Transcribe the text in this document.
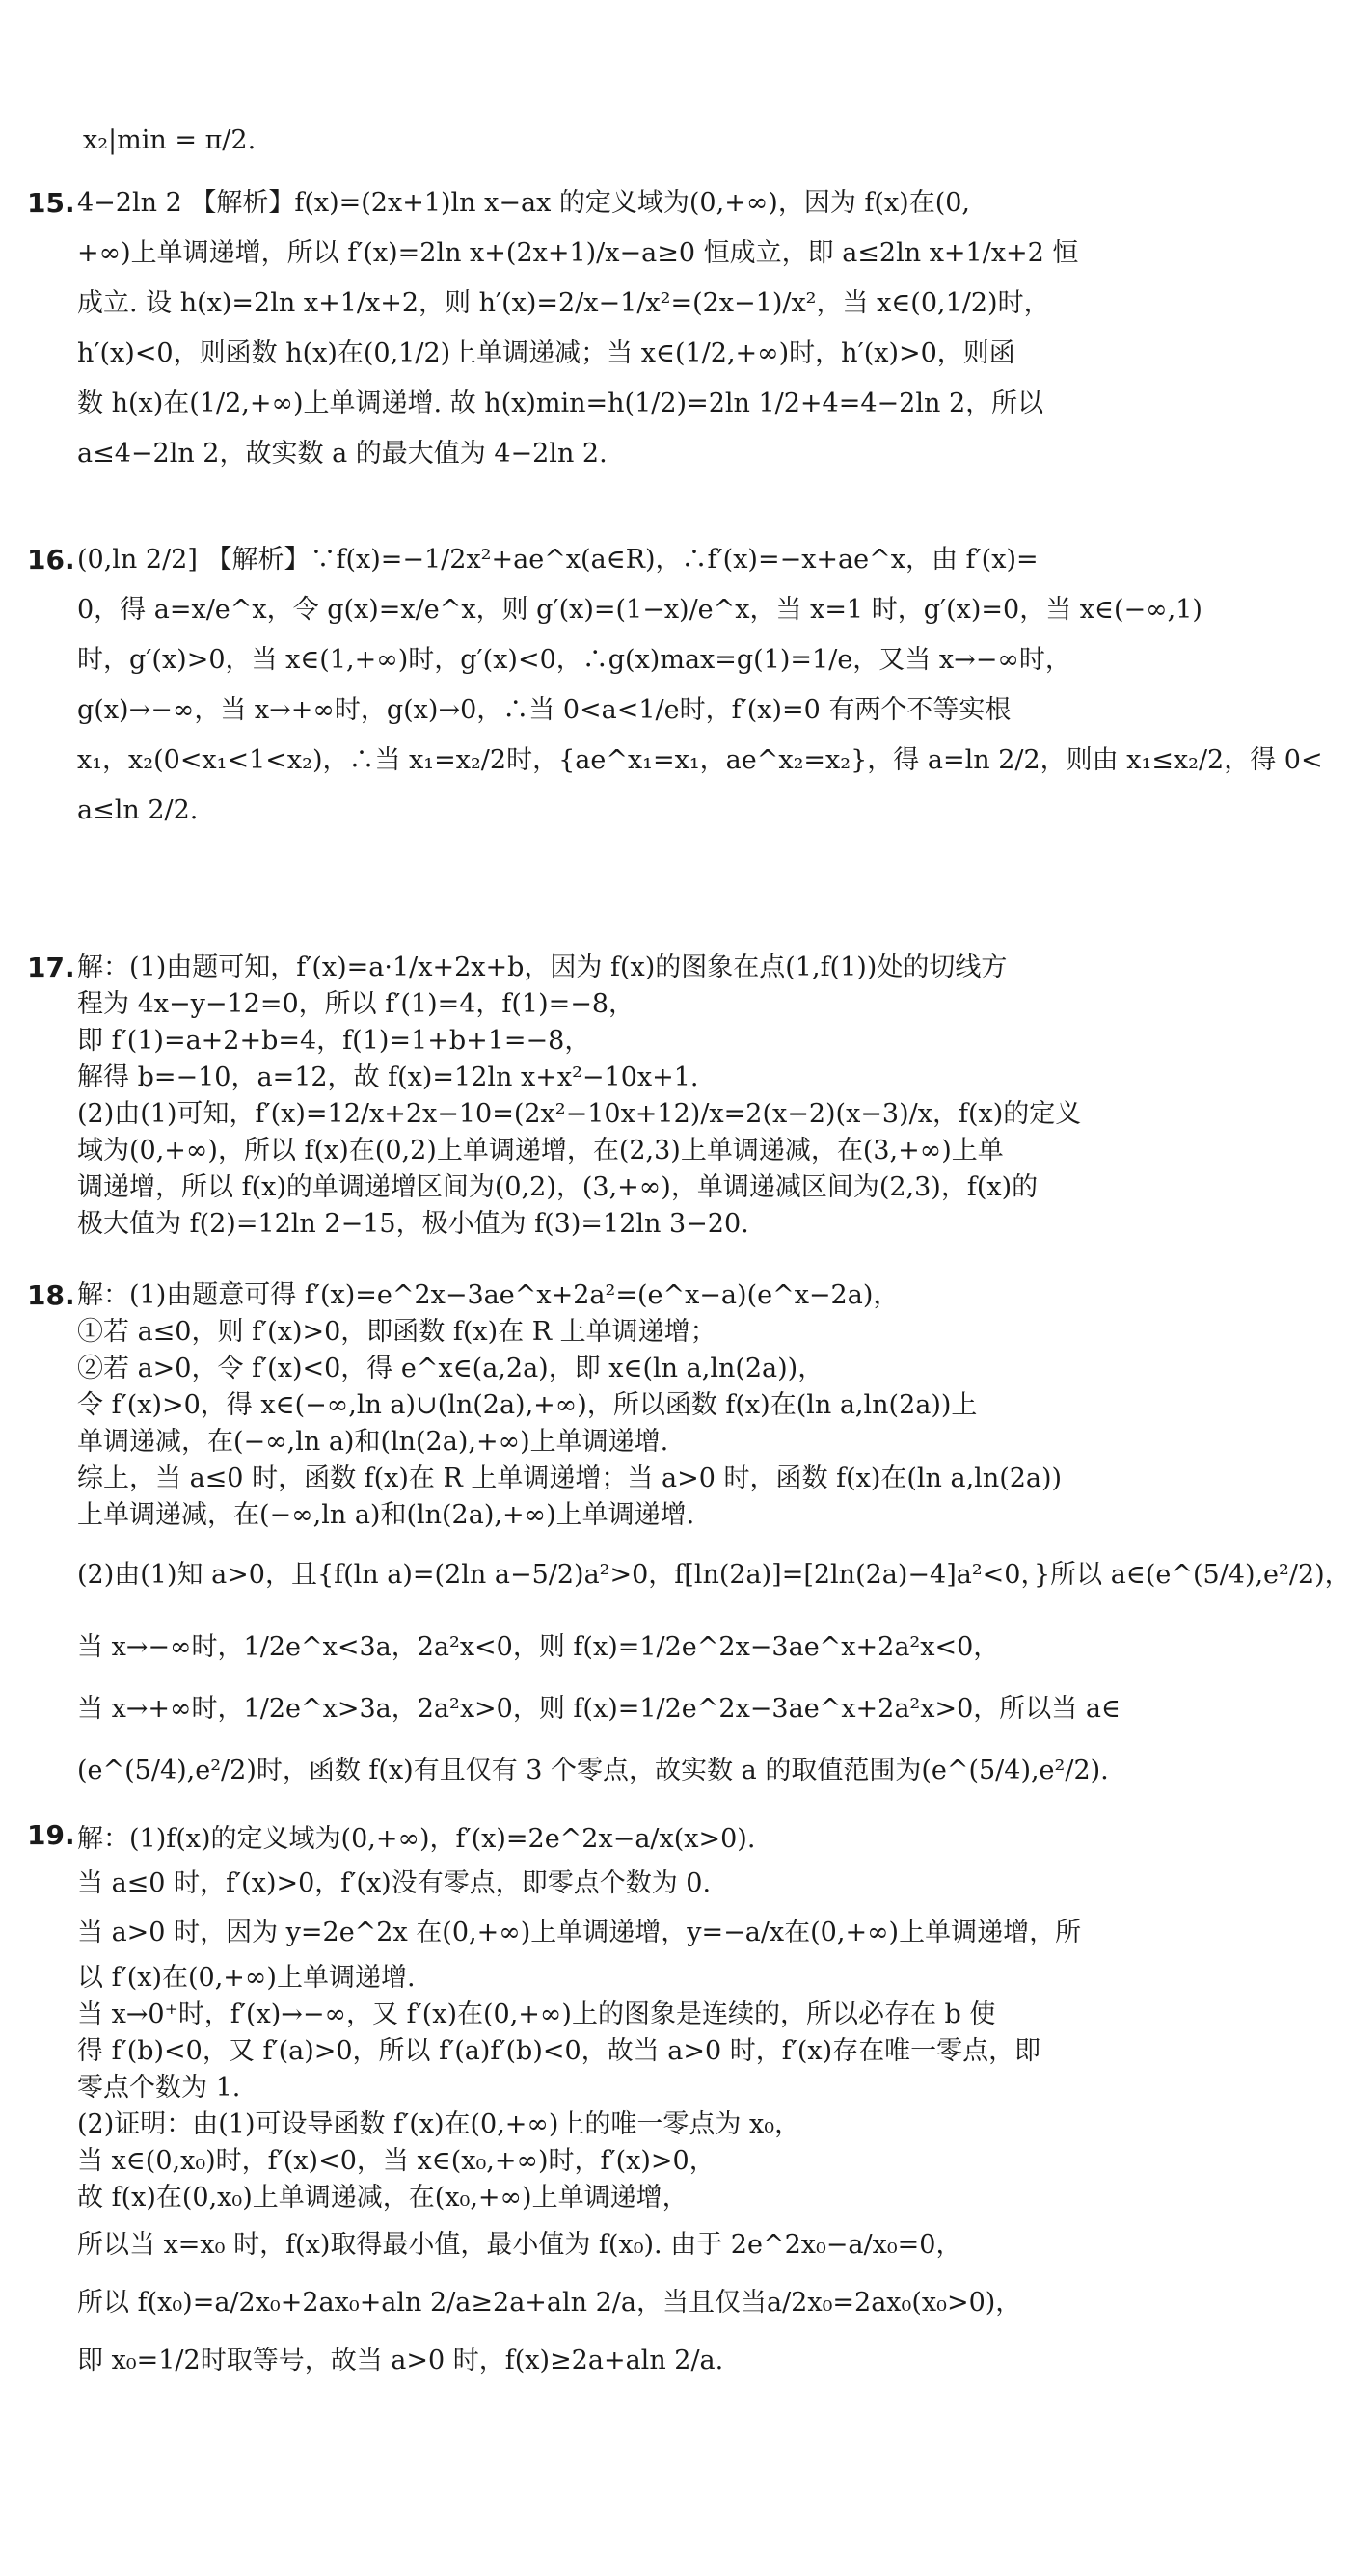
x₂|min = π/2.
15. 4−2ln 2 【解析】f(x)=(2x+1)ln x−ax 的定义域为(0,+∞)，因为 f(x)在(0,
+∞)上单调递增，所以 f′(x)=2ln x+(2x+1)/x−a≥0 恒成立，即 a≤2ln x+1/x+2 恒
成立. 设 h(x)=2ln x+1/x+2，则 h′(x)=2/x−1/x²=(2x−1)/x²，当 x∈(0,1/2)时，
h′(x)<0，则函数 h(x)在(0,1/2)上单调递减；当 x∈(1/2,+∞)时，h′(x)>0，则函
数 h(x)在(1/2,+∞)上单调递增. 故 h(x)min=h(1/2)=2ln 1/2+4=4−2ln 2，所以
a≤4−2ln 2，故实数 a 的最大值为 4−2ln 2.
16. (0,ln 2/2] 【解析】∵f(x)=−1/2x²+ae^x(a∈R)，∴f′(x)=−x+ae^x，由 f′(x)=
0，得 a=x/e^x，令 g(x)=x/e^x，则 g′(x)=(1−x)/e^x，当 x=1 时，g′(x)=0，当 x∈(−∞,1)
时，g′(x)>0，当 x∈(1,+∞)时，g′(x)<0，∴g(x)max=g(1)=1/e，又当 x→−∞时，
g(x)→−∞，当 x→+∞时，g(x)→0，∴当 0<a<1/e时，f′(x)=0 有两个不等实根
x₁，x₂(0<x₁<1<x₂)，∴当 x₁=x₂/2时，{ae^x₁=x₁，ae^x₂=x₂}，得 a=ln 2/2，则由 x₁≤x₂/2，得 0<
a≤ln 2/2.
17. 解：(1)由题可知，f′(x)=a·1/x+2x+b，因为 f(x)的图象在点(1,f(1))处的切线方
程为 4x−y−12=0，所以 f′(1)=4，f(1)=−8，
即 f′(1)=a+2+b=4，f(1)=1+b+1=−8，
解得 b=−10，a=12，故 f(x)=12ln x+x²−10x+1.
(2)由(1)可知，f′(x)=12/x+2x−10=(2x²−10x+12)/x=2(x−2)(x−3)/x，f(x)的定义
域为(0,+∞)，所以 f(x)在(0,2)上单调递增，在(2,3)上单调递减，在(3,+∞)上单
调递增，所以 f(x)的单调递增区间为(0,2)，(3,+∞)，单调递减区间为(2,3)，f(x)的
极大值为 f(2)=12ln 2−15，极小值为 f(3)=12ln 3−20.
18. 解：(1)由题意可得 f′(x)=e^2x−3ae^x+2a²=(e^x−a)(e^x−2a)，
①若 a≤0，则 f′(x)>0，即函数 f(x)在 R 上单调递增；
②若 a>0，令 f′(x)<0，得 e^x∈(a,2a)，即 x∈(ln a,ln(2a))，
令 f′(x)>0，得 x∈(−∞,ln a)∪(ln(2a),+∞)，所以函数 f(x)在(ln a,ln(2a))上
单调递减，在(−∞,ln a)和(ln(2a),+∞)上单调递增.
综上，当 a≤0 时，函数 f(x)在 R 上单调递增；当 a>0 时，函数 f(x)在(ln a,ln(2a))
上单调递减，在(−∞,ln a)和(ln(2a),+∞)上单调递增.
(2)由(1)知 a>0，且{f(ln a)=(2ln a−5/2)a²>0，f[ln(2a)]=[2ln(2a)−4]a²<0，}所以 a∈(e^(5/4),e²/2)，
当 x→−∞时，1/2e^x<3a，2a²x<0，则 f(x)=1/2e^2x−3ae^x+2a²x<0，
当 x→+∞时，1/2e^x>3a，2a²x>0，则 f(x)=1/2e^2x−3ae^x+2a²x>0，所以当 a∈
(e^(5/4),e²/2)时，函数 f(x)有且仅有 3 个零点，故实数 a 的取值范围为(e^(5/4),e²/2).
19. 解：(1)f(x)的定义域为(0,+∞)，f′(x)=2e^2x−a/x(x>0).
当 a≤0 时，f′(x)>0，f′(x)没有零点，即零点个数为 0.
当 a>0 时，因为 y=2e^2x 在(0,+∞)上单调递增，y=−a/x在(0,+∞)上单调递增，所
以 f′(x)在(0,+∞)上单调递增.
当 x→0⁺时，f′(x)→−∞，又 f′(x)在(0,+∞)上的图象是连续的，所以必存在 b 使
得 f′(b)<0，又 f′(a)>0，所以 f′(a)f′(b)<0，故当 a>0 时，f′(x)存在唯一零点，即
零点个数为 1.
(2)证明：由(1)可设导函数 f′(x)在(0,+∞)上的唯一零点为 x₀，
当 x∈(0,x₀)时，f′(x)<0，当 x∈(x₀,+∞)时，f′(x)>0，
故 f(x)在(0,x₀)上单调递减，在(x₀,+∞)上单调递增，
所以当 x=x₀ 时，f(x)取得最小值，最小值为 f(x₀). 由于 2e^2x₀−a/x₀=0，
所以 f(x₀)=a/2x₀+2ax₀+aln 2/a≥2a+aln 2/a，当且仅当a/2x₀=2ax₀(x₀>0)，
即 x₀=1/2时取等号，故当 a>0 时，f(x)≥2a+aln 2/a.
